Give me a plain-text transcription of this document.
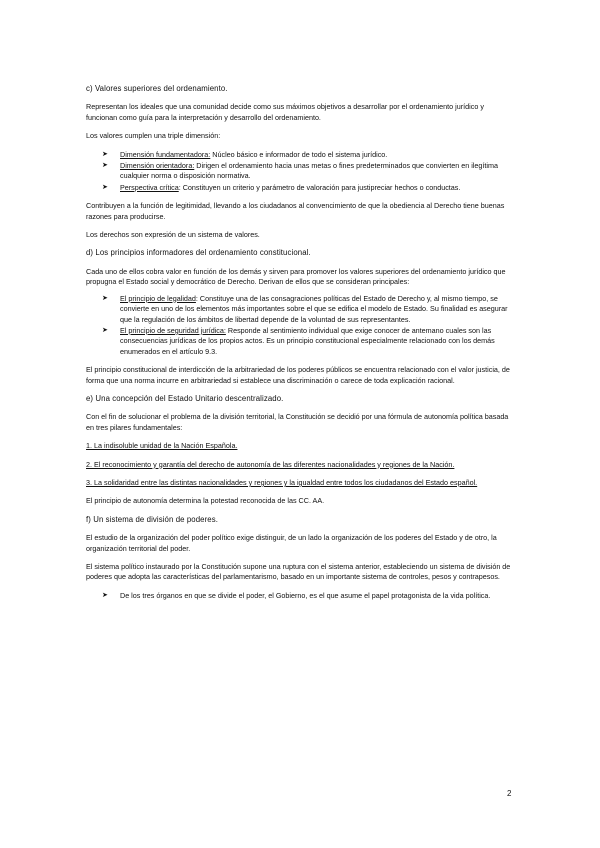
c) Valores superiores del ordenamiento.

Representan los ideales que una comunidad decide como sus máximos objetivos a desarrollar por el ordenamiento jurídico y funcionan como guía para la interpretación y desarrollo del ordenamiento.

Los valores cumplen una triple dimensión:

➤ Dimensión fundamentadora: Núcleo básico e informador de todo el sistema jurídico.
➤ Dimensión orientadora: Dirigen el ordenamiento hacia unas metas o fines predeterminados que convierten en ilegítima cualquier norma o disposición normativa.
➤ Perspectiva crítica: Constituyen un criterio y parámetro de valoración para justipreciar hechos o conductas.

Contribuyen a la función de legitimidad, llevando a los ciudadanos al convencimiento de que la obediencia al Derecho tiene buenas razones para producirse.

Los derechos son expresión de un sistema de valores.

d) Los principios informadores del ordenamiento constitucional.

Cada uno de ellos cobra valor en función de los demás y sirven para promover los valores superiores del ordenamiento jurídico que propugna el Estado social y democrático de Derecho. Derivan de ellos que se consideran principales:

➤ El principio de legalidad: Constituye una de las consagraciones políticas del Estado de Derecho y, al mismo tiempo, se convierte en uno de los elementos más importantes sobre el que se edifica el modelo de Estado. Su finalidad es asegurar que la regulación de los ámbitos de libertad depende de la voluntad de sus representantes.
➤ El principio de seguridad jurídica: Responde al sentimiento individual que exige conocer de antemano cuales son las consecuencias jurídicas de los propios actos. Es un principio constitucional especialmente relacionado con los demás enumerados en el artículo 9.3.

El principio constitucional de interdicción de la arbitrariedad de los poderes públicos se encuentra relacionado con el valor justicia, de forma que una norma incurre en arbitrariedad si establece una discriminación o carece de toda explicación racional.

e) Una concepción del Estado Unitario descentralizado.

Con el fin de solucionar el problema de la división territorial, la Constitución se decidió por una fórmula de autonomía política basada en tres pilares fundamentales:

1. La indisoluble unidad de la Nación Española.

2. El reconocimiento y garantía del derecho de autonomía de las diferentes nacionalidades y regiones de la Nación.

3. La solidaridad entre las distintas nacionalidades y regiones y la igualdad entre todos los ciudadanos del Estado español.

El principio de autonomía determina la potestad reconocida de las CC. AA.

f) Un sistema de división de poderes.

El estudio de la organización del poder político exige distinguir, de un lado la organización de los poderes del Estado y de otro, la organización territorial del poder.

El sistema político instaurado por la Constitución supone una ruptura con el sistema anterior, estableciendo un sistema de división de poderes que adopta las características del parlamentarismo, basado en un importante sistema de controles, pesos y contrapesos.

➤ De los tres órganos en que se divide el poder, el Gobierno, es el que asume el papel protagonista de la vida política.
2
